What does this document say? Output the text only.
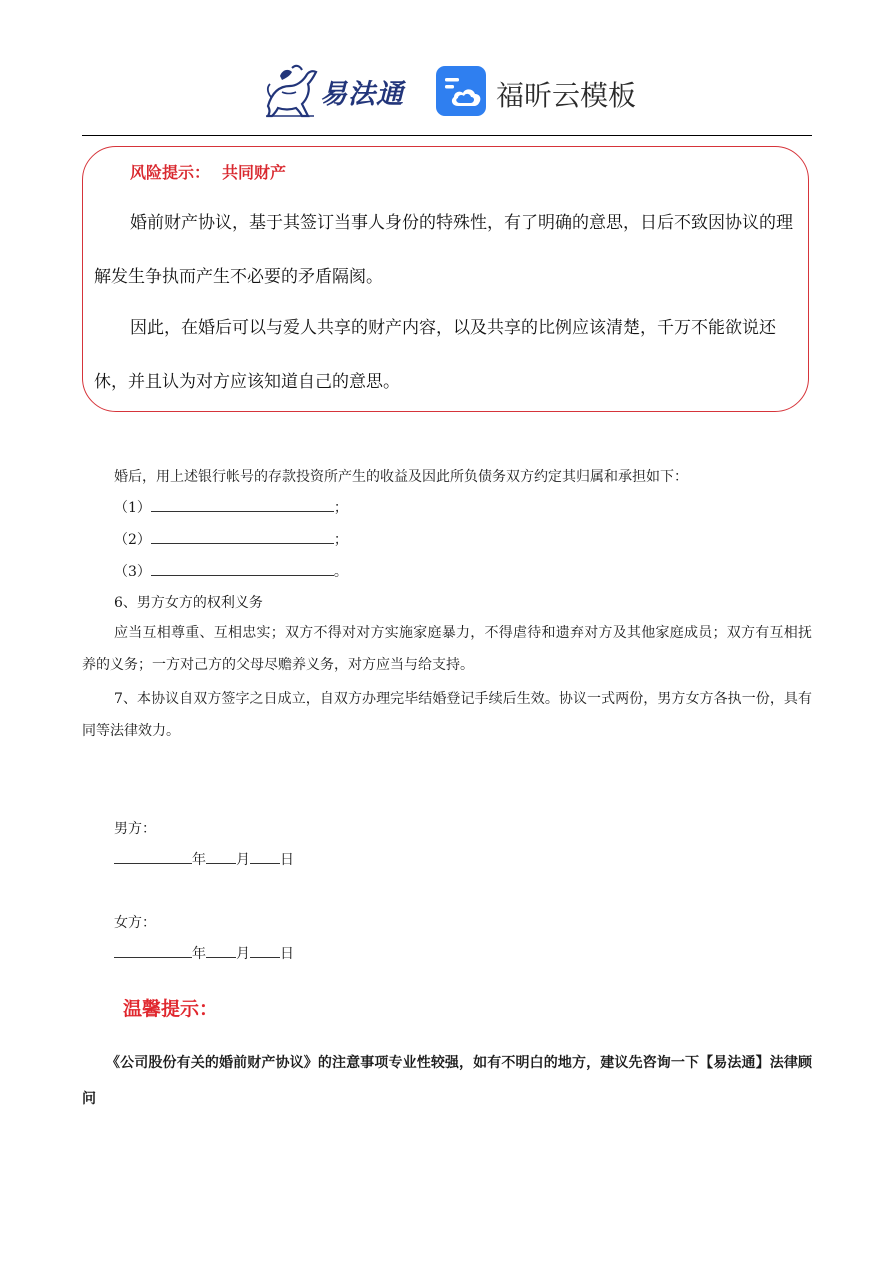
易法通	福昕云模板
风险提示： 共同财产

婚前财产协议，基于其签订当事人身份的特殊性，有了明确的意思，日后不致因协议的理解发生争执而产生不必要的矛盾隔阂。

因此，在婚后可以与爱人共享的财产内容，以及共享的比例应该清楚，千万不能欲说还休，并且认为对方应该知道自己的意思。

婚后，用上述银行帐号的存款投资所产生的收益及因此所负债务双方约定其归属和承担如下：
（1）	；
（2）	；
（3）	。
6、男方女方的权利义务

应当互相尊重、互相忠实；双方不得对对方实施家庭暴力，不得虐待和遗弃对方及其他家庭成员；双方有互相抚养的义务；一方对己方的父母尽赡养义务，对方应当与给支持。

7、本协议自双方签字之日成立，自双方办理完毕结婚登记手续后生效。协议一式两份，男方女方各执一份，具有同等法律效力。

男方：
年 月 日
女方：
年 月 日
温馨提示：

《公司股份有关的婚前财产协议》的注意事项专业性较强，如有不明白的地方，建议先咨询一下【易法通】法律顾问
